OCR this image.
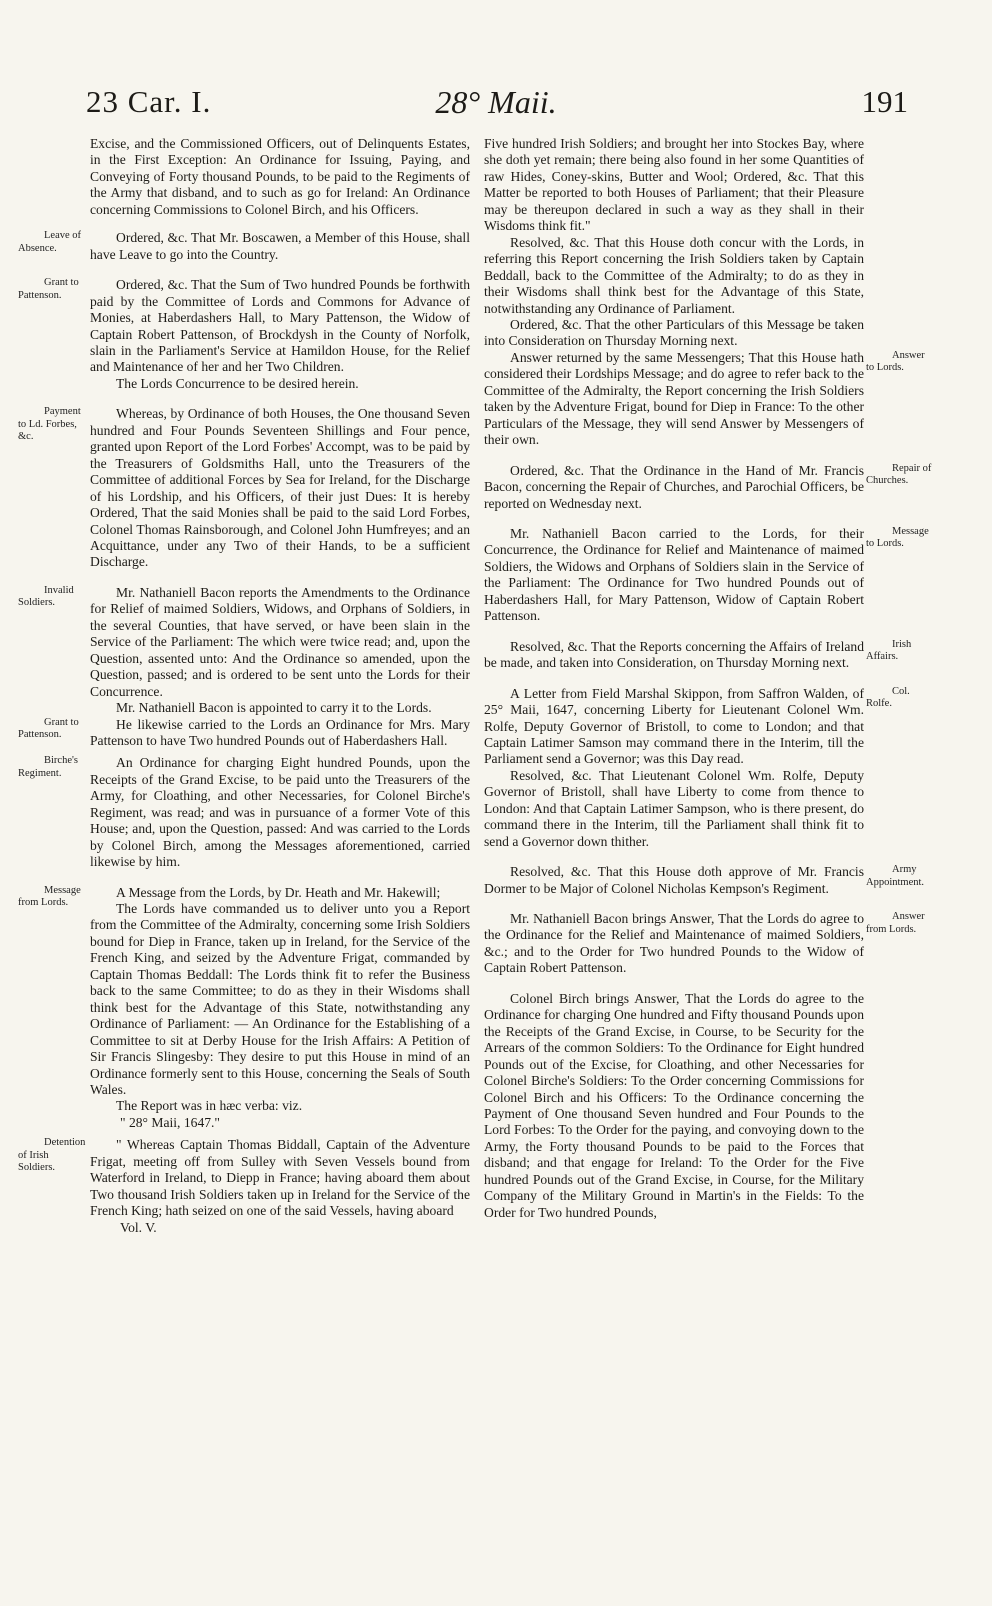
23 Car. I.	28° Maii.	191

Excise, and the Commissioned Officers, out of Delinquents Estates, in the First Exception: An Ordinance for Issuing, Paying, and Conveying of Forty thousand Pounds, to be paid to the Regiments of the Army that disband, and to such as go for Ireland: An Ordinance concerning Commissions to Colonel Birch, and his Officers.

Leave of Absence.
Ordered, &c. That Mr. Boscawen, a Member of this House, shall have Leave to go into the Country.

Grant to Pattenson.
Ordered, &c. That the Sum of Two hundred Pounds be forthwith paid by the Committee of Lords and Commons for Advance of Monies, at Haberdashers Hall, to Mary Pattenson, the Widow of Captain Robert Pattenson, of Brockdysh in the County of Norfolk, slain in the Parliament's Service at Hamildon House, for the Relief and Maintenance of her and her Two Children.

The Lords Concurrence to be desired herein.

Payment to Ld. Forbes, &c.
Whereas, by Ordinance of both Houses, the One thousand Seven hundred and Four Pounds Seventeen Shillings and Four pence, granted upon Report of the Lord Forbes' Accompt, was to be paid by the Treasurers of Goldsmiths Hall, unto the Treasurers of the Committee of additional Forces by Sea for Ireland, for the Discharge of his Lordship, and his Officers, of their just Dues: It is hereby Ordered, That the said Monies shall be paid to the said Lord Forbes, Colonel Thomas Rainsborough, and Colonel John Humfreyes; and an Acquittance, under any Two of their Hands, to be a sufficient Discharge.

Invalid Soldiers.
Mr. Nathaniell Bacon reports the Amendments to the Ordinance for Relief of maimed Soldiers, Widows, and Orphans of Soldiers, in the several Counties, that have served, or have been slain in the Service of the Parliament: The which were twice read; and, upon the Question, assented unto: And the Ordinance so amended, upon the Question, passed; and is ordered to be sent unto the Lords for their Concurrence.

Mr. Nathaniell Bacon is appointed to carry it to the Lords.

Grant to Pattenson.
He likewise carried to the Lords an Ordinance for Mrs. Mary Pattenson to have Two hundred Pounds out of Haberdashers Hall.

Birche's Regiment.
An Ordinance for charging Eight hundred Pounds, upon the Receipts of the Grand Excise, to be paid unto the Treasurers of the Army, for Cloathing, and other Necessaries, for Colonel Birche's Regiment, was read; and was in pursuance of a former Vote of this House; and, upon the Question, passed: And was carried to the Lords by Colonel Birch, among the Messages aforementioned, carried likewise by him.

Message from Lords.
A Message from the Lords, by Dr. Heath and Mr. Hakewill;

The Lords have commanded us to deliver unto you a Report from the Committee of the Admiralty, concerning some Irish Soldiers bound for Diep in France, taken up in Ireland, for the Service of the French King, and seized by the Adventure Frigat, commanded by Captain Thomas Beddall: The Lords think fit to refer the Business back to the same Committee; to do as they in their Wisdoms shall think best for the Advantage of this State, notwithstanding any Ordinance of Parliament: — An Ordinance for the Establishing of a Committee to sit at Derby House for the Irish Affairs: A Petition of Sir Francis Slingesby: They desire to put this House in mind of an Ordinance formerly sent to this House, concerning the Seals of South Wales.

The Report was in hæc verba: viz.

" 28° Maii, 1647."

Detention of Irish Soldiers.
" Whereas Captain Thomas Biddall, Captain of the Adventure Frigat, meeting off from Sulley with Seven Vessels bound from Waterford in Ireland, to Diepp in France; having aboard them about Two thousand Irish Soldiers taken up in Ireland for the Service of the French King; hath seized on one of the said Vessels, having aboard

Vol. V.

Five hundred Irish Soldiers; and brought her into Stockes Bay, where she doth yet remain; there being also found in her some Quantities of raw Hides, Coney-skins, Butter and Wool; Ordered, &c. That this Matter be reported to both Houses of Parliament; that their Pleasure may be thereupon declared in such a way as they shall in their Wisdoms think fit."

Resolved, &c. That this House doth concur with the Lords, in referring this Report concerning the Irish Soldiers taken by Captain Beddall, back to the Committee of the Admiralty; to do as they in their Wisdoms shall think best for the Advantage of this State, notwithstanding any Ordinance of Parliament.

Ordered, &c. That the other Particulars of this Message be taken into Consideration on Thursday Morning next.

Answer to Lords.
Answer returned by the same Messengers; That this House hath considered their Lordships Message; and do agree to refer back to the Committee of the Admiralty, the Report concerning the Irish Soldiers taken by the Adventure Frigat, bound for Diep in France: To the other Particulars of the Message, they will send Answer by Messengers of their own.

Repair of Churches.
Ordered, &c. That the Ordinance in the Hand of Mr. Francis Bacon, concerning the Repair of Churches, and Parochial Officers, be reported on Wednesday next.

Message to Lords.
Mr. Nathaniell Bacon carried to the Lords, for their Concurrence, the Ordinance for Relief and Maintenance of maimed Soldiers, the Widows and Orphans of Soldiers slain in the Service of the Parliament: The Ordinance for Two hundred Pounds out of Haberdashers Hall, for Mary Pattenson, Widow of Captain Robert Pattenson.

Irish Affairs.
Resolved, &c. That the Reports concerning the Affairs of Ireland be made, and taken into Consideration, on Thursday Morning next.

Col. Rolfe.
A Letter from Field Marshal Skippon, from Saffron Walden, of 25° Maii, 1647, concerning Liberty for Lieutenant Colonel Wm. Rolfe, Deputy Governor of Bristoll, to come to London; and that Captain Latimer Samson may command there in the Interim, till the Parliament send a Governor; was this Day read.

Resolved, &c. That Lieutenant Colonel Wm. Rolfe, Deputy Governor of Bristoll, shall have Liberty to come from thence to London: And that Captain Latimer Sampson, who is there present, do command there in the Interim, till the Parliament shall think fit to send a Governor down thither.

Army Appointment.
Resolved, &c. That this House doth approve of Mr. Francis Dormer to be Major of Colonel Nicholas Kempson's Regiment.

Answer from Lords.
Mr. Nathaniell Bacon brings Answer, That the Lords do agree to the Ordinance for the Relief and Maintenance of maimed Soldiers, &c.; and to the Order for Two hundred Pounds to the Widow of Captain Robert Pattenson.

Colonel Birch brings Answer, That the Lords do agree to the Ordinance for charging One hundred and Fifty thousand Pounds upon the Receipts of the Grand Excise, in Course, to be Security for the Arrears of the common Soldiers: To the Ordinance for Eight hundred Pounds out of the Excise, for Cloathing, and other Necessaries for Colonel Birche's Soldiers: To the Order concerning Commissions for Colonel Birch and his Officers: To the Ordinance concerning the Payment of One thousand Seven hundred and Four Pounds to the Lord Forbes: To the Order for the paying, and convoying down to the Army, the Forty thousand Pounds to be paid to the Forces that disband; and that engage for Ireland: To the Order for the Five hundred Pounds out of the Grand Excise, in Course, for the Military Company of the Military Ground in Martin's in the Fields: To the Order for Two hundred Pounds,
